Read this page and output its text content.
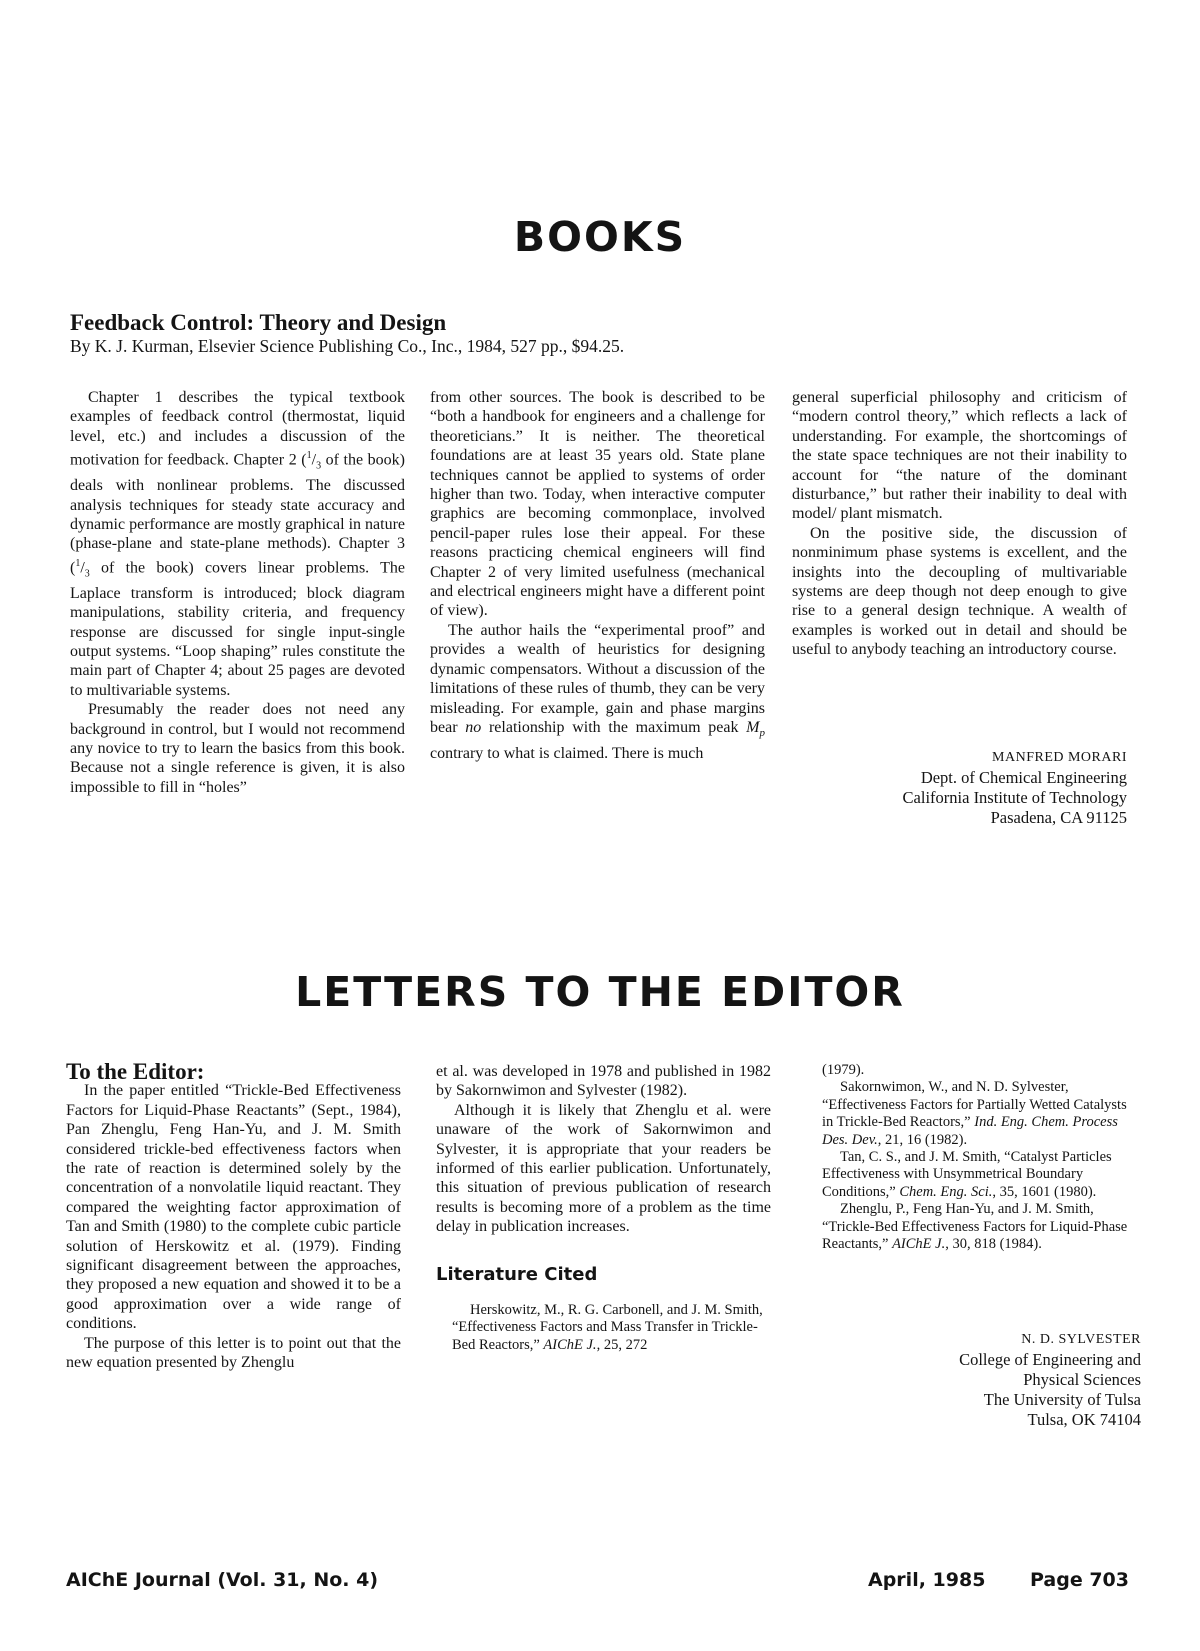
BOOKS

Feedback Control: Theory and Design

By K. J. Kurman, Elsevier Science Publishing Co., Inc., 1984, 527 pp., $94.25.

Chapter 1 describes the typical textbook examples of feedback control (thermostat, liquid level, etc.) and includes a discussion of the motivation for feedback. Chapter 2 ($^1/_3$ of the book) deals with nonlinear problems. The discussed analysis techniques for steady state accuracy and dynamic performance are mostly graphical in nature (phase-plane and state-plane methods). Chapter 3 ($^1/_3$ of the book) covers linear problems. The Laplace transform is introduced; block diagram manipulations, stability criteria, and frequency response are discussed for single input-single output systems. “Loop shaping” rules constitute the main part of Chapter 4; about 25 pages are devoted to multivariable systems.

Presumably the reader does not need any background in control, but I would not recommend any novice to try to learn the basics from this book. Because not a single reference is given, it is also impossible to fill in “holes”

from other sources. The book is described to be “both a handbook for engineers and a challenge for theoreticians.” It is neither. The theoretical foundations are at least 35 years old. State plane techniques cannot be applied to systems of order higher than two. Today, when interactive computer graphics are becoming commonplace, involved pencil-paper rules lose their appeal. For these reasons practicing chemical engineers will find Chapter 2 of very limited usefulness (mechanical and electrical engineers might have a different point of view).

The author hails the “experimental proof” and provides a wealth of heuristics for designing dynamic compensators. Without a discussion of the limitations of these rules of thumb, they can be very misleading. For example, gain and phase margins bear no relationship with the maximum peak $M_p$ contrary to what is claimed. There is much

general superficial philosophy and criticism of “modern control theory,” which reflects a lack of understanding. For example, the shortcomings of the state space techniques are not their inability to account for “the nature of the dominant disturbance,” but rather their inability to deal with model/ plant mismatch.

On the positive side, the discussion of nonminimum phase systems is excellent, and the insights into the decoupling of multivariable systems are deep though not deep enough to give rise to a general design technique. A wealth of examples is worked out in detail and should be useful to anybody teaching an introductory course.

MANFRED MORARI
Dept. of Chemical Engineering
California Institute of Technology
Pasadena, CA 91125
LETTERS TO THE EDITOR

To the Editor:

In the paper entitled “Trickle-Bed Effectiveness Factors for Liquid-Phase Reactants” (Sept., 1984), Pan Zhenglu, Feng Han-Yu, and J. M. Smith considered trickle-bed effectiveness factors when the rate of reaction is determined solely by the concentration of a nonvolatile liquid reactant. They compared the weighting factor approximation of Tan and Smith (1980) to the complete cubic particle solution of Herskowitz et al. (1979). Finding significant disagreement between the approaches, they proposed a new equation and showed it to be a good approximation over a wide range of conditions.

The purpose of this letter is to point out that the new equation presented by Zhenglu

et al. was developed in 1978 and published in 1982 by Sakornwimon and Sylvester (1982).

Although it is likely that Zhenglu et al. were unaware of the work of Sakornwimon and Sylvester, it is appropriate that your readers be informed of this earlier publication. Unfortunately, this situation of previous publication of research results is becoming more of a problem as the time delay in publication increases.

Literature Cited

Herskowitz, M., R. G. Carbonell, and J. M. Smith, “Effectiveness Factors and Mass Transfer in Trickle-Bed Reactors,” AIChE J., 25, 272

(1979).

Sakornwimon, W., and N. D. Sylvester, “Effectiveness Factors for Partially Wetted Catalysts in Trickle-Bed Reactors,” Ind. Eng. Chem. Process Des. Dev., 21, 16 (1982).

Tan, C. S., and J. M. Smith, “Catalyst Particles Effectiveness with Unsymmetrical Boundary Conditions,” Chem. Eng. Sci., 35, 1601 (1980).

Zhenglu, P., Feng Han-Yu, and J. M. Smith, “Trickle-Bed Effectiveness Factors for Liquid-Phase Reactants,” AIChE J., 30, 818 (1984).

N. D. SYLVESTER
College of Engineering and
Physical Sciences
The University of Tulsa
Tulsa, OK 74104
AIChE Journal (Vol. 31, No. 4)	April, 1985 Page 703
